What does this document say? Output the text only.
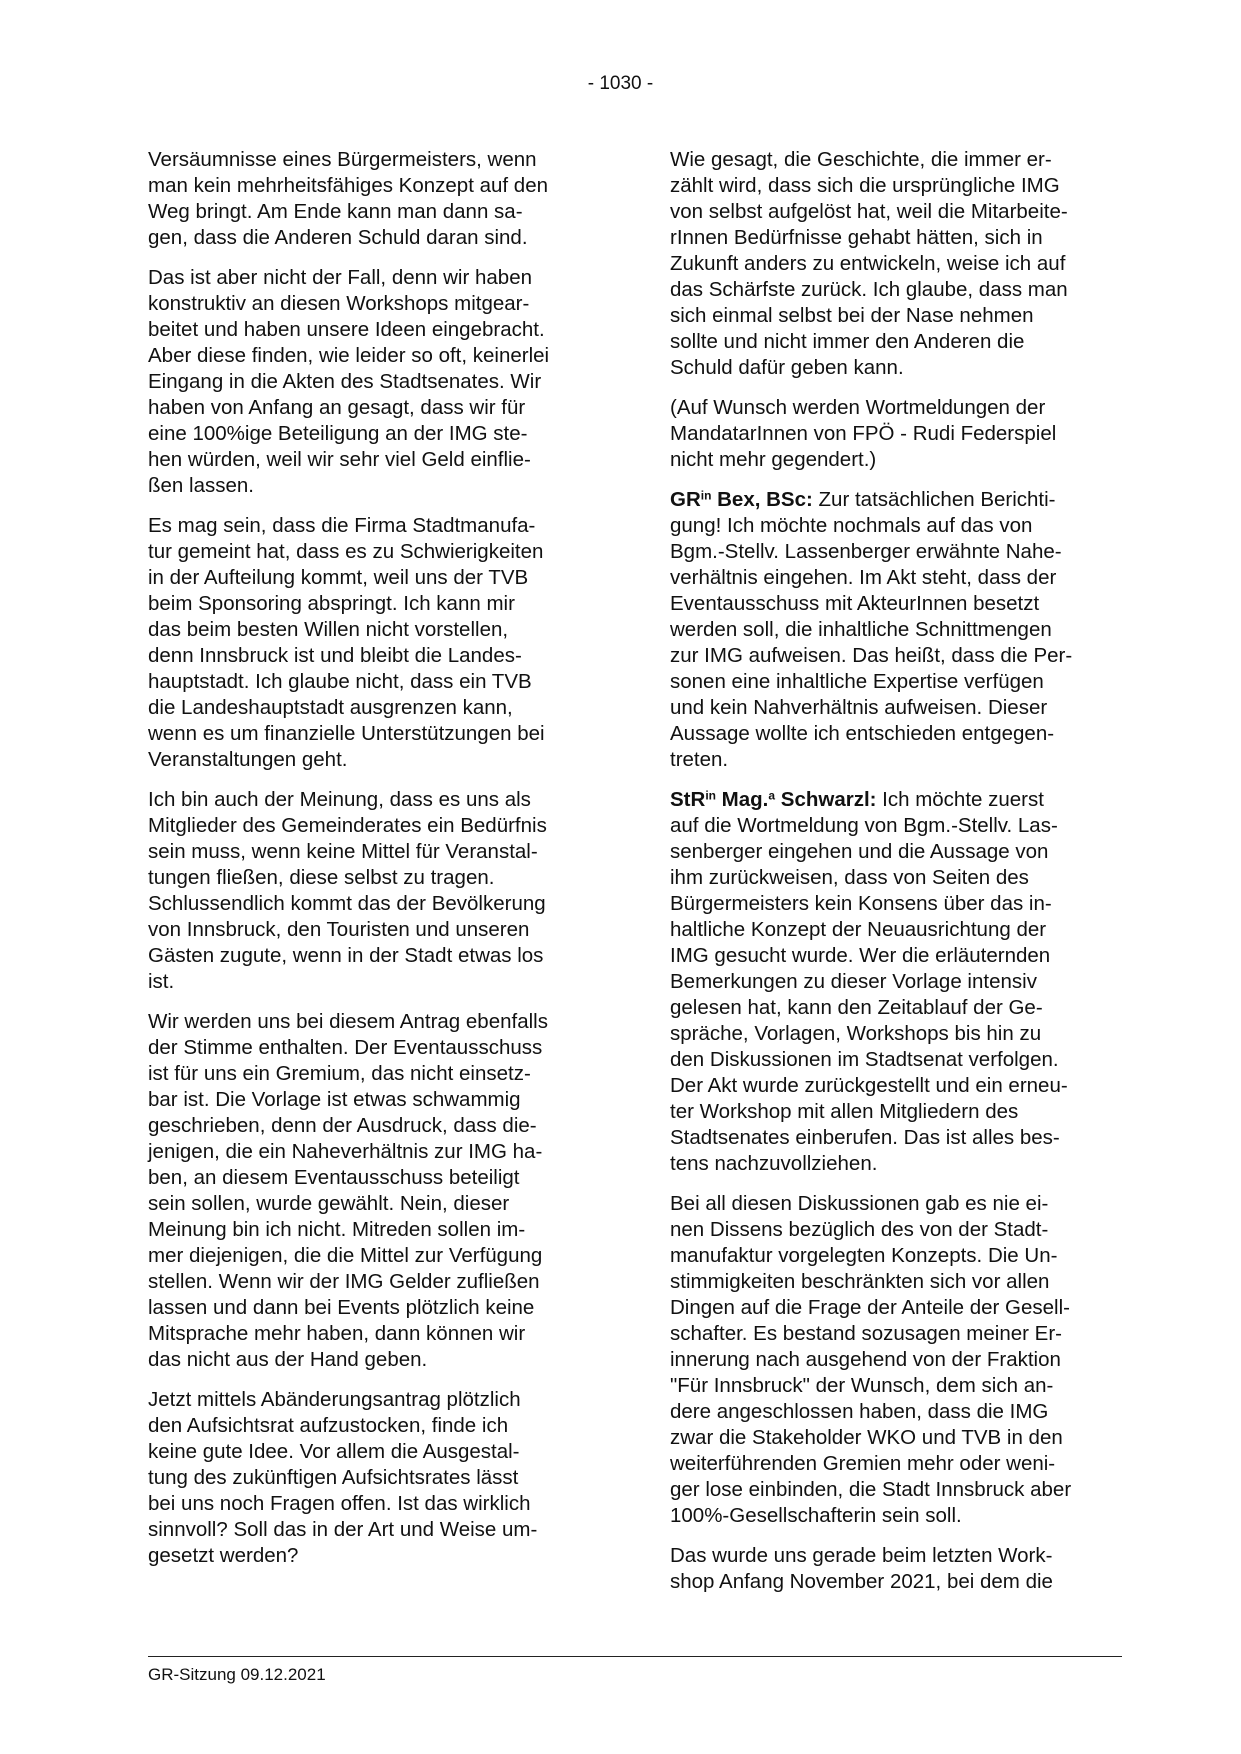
- 1030 -

Versäumnisse eines Bürgermeisters, wenn
man kein mehrheitsfähiges Konzept auf den
Weg bringt. Am Ende kann man dann sa-
gen, dass die Anderen Schuld daran sind.

Das ist aber nicht der Fall, denn wir haben
konstruktiv an diesen Workshops mitgear-
beitet und haben unsere Ideen eingebracht.
Aber diese finden, wie leider so oft, keinerlei
Eingang in die Akten des Stadtsenates. Wir
haben von Anfang an gesagt, dass wir für
eine 100%ige Beteiligung an der IMG ste-
hen würden, weil wir sehr viel Geld einflie-
ßen lassen.

Es mag sein, dass die Firma Stadtmanufa-
tur gemeint hat, dass es zu Schwierigkeiten
in der Aufteilung kommt, weil uns der TVB
beim Sponsoring abspringt. Ich kann mir
das beim besten Willen nicht vorstellen,
denn Innsbruck ist und bleibt die Landes-
hauptstadt. Ich glaube nicht, dass ein TVB
die Landeshauptstadt ausgrenzen kann,
wenn es um finanzielle Unterstützungen bei
Veranstaltungen geht.

Ich bin auch der Meinung, dass es uns als
Mitglieder des Gemeinderates ein Bedürfnis
sein muss, wenn keine Mittel für Veranstal-
tungen fließen, diese selbst zu tragen.
Schlussendlich kommt das der Bevölkerung
von Innsbruck, den Touristen und unseren
Gästen zugute, wenn in der Stadt etwas los
ist.

Wir werden uns bei diesem Antrag ebenfalls
der Stimme enthalten. Der Eventausschuss
ist für uns ein Gremium, das nicht einsetz-
bar ist. Die Vorlage ist etwas schwammig
geschrieben, denn der Ausdruck, dass die-
jenigen, die ein Naheverhältnis zur IMG ha-
ben, an diesem Eventausschuss beteiligt
sein sollen, wurde gewählt. Nein, dieser
Meinung bin ich nicht. Mitreden sollen im-
mer diejenigen, die die Mittel zur Verfügung
stellen. Wenn wir der IMG Gelder zufließen
lassen und dann bei Events plötzlich keine
Mitsprache mehr haben, dann können wir
das nicht aus der Hand geben.

Jetzt mittels Abänderungsantrag plötzlich
den Aufsichtsrat aufzustocken, finde ich
keine gute Idee. Vor allem die Ausgestal-
tung des zukünftigen Aufsichtsrates lässt
bei uns noch Fragen offen. Ist das wirklich
sinnvoll? Soll das in der Art und Weise um-
gesetzt werden?

Wie gesagt, die Geschichte, die immer er-
zählt wird, dass sich die ursprüngliche IMG
von selbst aufgelöst hat, weil die Mitarbeite-
rInnen Bedürfnisse gehabt hätten, sich in
Zukunft anders zu entwickeln, weise ich auf
das Schärfste zurück. Ich glaube, dass man
sich einmal selbst bei der Nase nehmen
sollte und nicht immer den Anderen die
Schuld dafür geben kann.

(Auf Wunsch werden Wortmeldungen der
MandatarInnen von FPÖ - Rudi Federspiel
nicht mehr gegendert.)

$GR^{in}$ Bex, BSc: Zur tatsächlichen Berichti-
gung! Ich möchte nochmals auf das von
Bgm.-Stellv. Lassenberger erwähnte Nahe-
verhältnis eingehen. Im Akt steht, dass der
Eventausschuss mit AkteurInnen besetzt
werden soll, die inhaltliche Schnittmengen
zur IMG aufweisen. Das heißt, dass die Per-
sonen eine inhaltliche Expertise verfügen
und kein Nahverhältnis aufweisen. Dieser
Aussage wollte ich entschieden entgegen-
treten.

StR$^{in}$ Mag.$^a$ Schwarzl: Ich möchte zuerst
auf die Wortmeldung von Bgm.-Stellv. Las-
senberger eingehen und die Aussage von
ihm zurückweisen, dass von Seiten des
Bürgermeisters kein Konsens über das in-
haltliche Konzept der Neuausrichtung der
IMG gesucht wurde. Wer die erläuternden
Bemerkungen zu dieser Vorlage intensiv
gelesen hat, kann den Zeitablauf der Ge-
spräche, Vorlagen, Workshops bis hin zu
den Diskussionen im Stadtsenat verfolgen.
Der Akt wurde zurückgestellt und ein erneu-
ter Workshop mit allen Mitgliedern des
Stadtsenates einberufen. Das ist alles bes-
tens nachzuvollziehen.

Bei all diesen Diskussionen gab es nie ei-
nen Dissens bezüglich des von der Stadt-
manufaktur vorgelegten Konzepts. Die Un-
stimmigkeiten beschränkten sich vor allen
Dingen auf die Frage der Anteile der Gesell-
schafter. Es bestand sozusagen meiner Er-
innerung nach ausgehend von der Fraktion
"Für Innsbruck" der Wunsch, dem sich an-
dere angeschlossen haben, dass die IMG
zwar die Stakeholder WKO und TVB in den
weiterführenden Gremien mehr oder weni-
ger lose einbinden, die Stadt Innsbruck aber
100%-Gesellschafterin sein soll.

Das wurde uns gerade beim letzten Work-
shop Anfang November 2021, bei dem die

GR-Sitzung 09.12.2021
